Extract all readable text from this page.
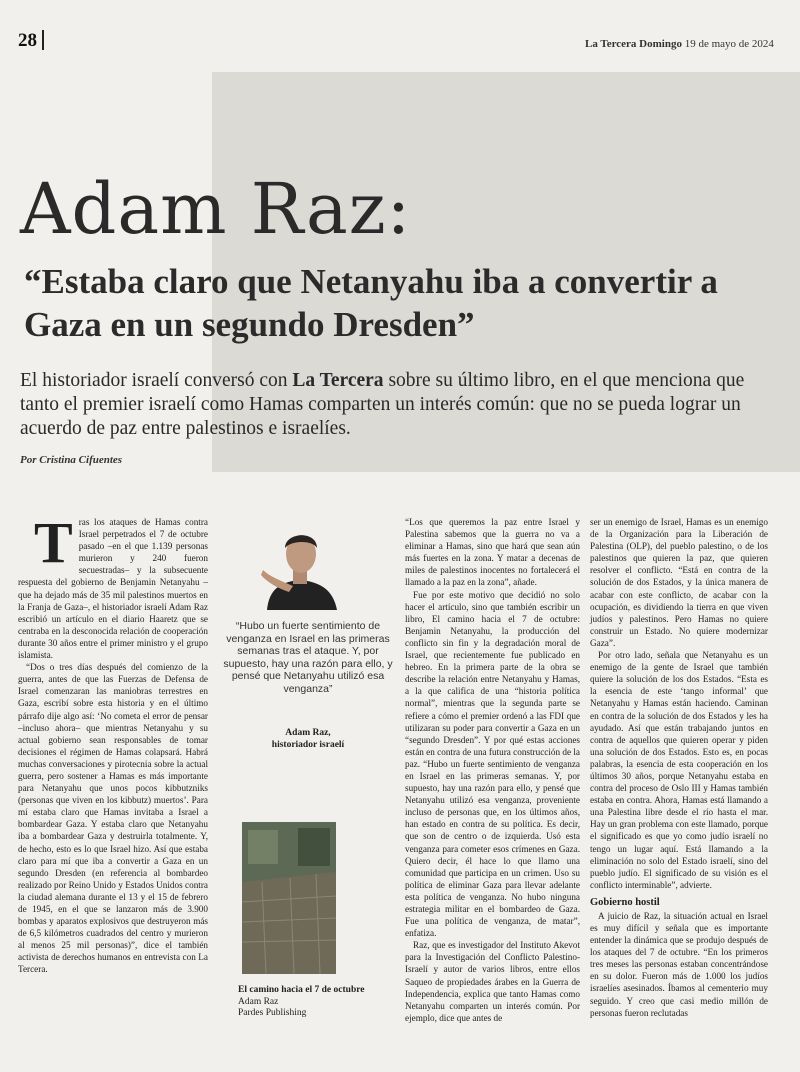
28	La Tercera Domingo 19 de mayo de 2024
Adam Raz:
“Estaba claro que Netanyahu iba a convertir a Gaza en un segundo Dresden”
El historiador israelí conversó con La Tercera sobre su último libro, en el que menciona que tanto el premier israelí como Hamas comparten un interés común: que no se pueda lograr un acuerdo de paz entre palestinos e israelíes.
Por Cristina Cifuentes
T ras los ataques de Hamas contra Israel perpetrados el 7 de octubre pasado –en el que 1.139 personas murieron y 240 fueron secuestradas– y la subsecuente respuesta del gobierno de Benjamin Netanyahu –que ha dejado más de 35 mil palestinos muertos en la Franja de Gaza–, el historiador israelí Adam Raz escribió un artículo en el diario Haaretz que se centraba en la desconocida relación de cooperación durante 30 años entre el primer ministro y el grupo islamista.

“Dos o tres días después del comienzo de la guerra, antes de que las Fuerzas de Defensa de Israel comenzaran las maniobras terrestres en Gaza, escribí sobre esta historia y en el último párrafo dije algo así: ‘No cometa el error de pensar –incluso ahora– que mientras Netanyahu y su actual gobierno sean responsables de tomar decisiones el régimen de Hamas colapsará. Habrá muchas conversaciones y pirotecnia sobre la actual guerra, pero sostener a Hamas es más importante para Netanyahu que unos pocos kibbutzniks (personas que viven en los kibbutz) muertos’. Para mí estaba claro que Hamas invitaba a Israel a bombardear Gaza. Y estaba claro que Netanyahu iba a bombardear Gaza y destruirla totalmente. Y, de hecho, esto es lo que Israel hizo. Así que estaba claro para mí que iba a convertir a Gaza en un segundo Dresden (en referencia al bombardeo realizado por Reino Unido y Estados Unidos contra la ciudad alemana durante el 13 y el 15 de febrero de 1945, en el que se lanzaron más de 3.900 bombas y aparatos explosivos que destruyeron más de 6,5 kilómetros cuadrados del centro y murieron al menos 25 mil personas)”, dice el también activista de derechos humanos en entrevista con La Tercera.

“Hubo un fuerte sentimiento de venganza en Israel en las primeras semanas tras el ataque. Y, por supuesto, hay una razón para ello, y pensé que Netanyahu utilizó esa venganza”
Adam Raz,
historiador israelí
El camino hacia el 7 de octubre
Adam Raz
Pardes Publishing

“Los que queremos la paz entre Israel y Palestina sabemos que la guerra no va a eliminar a Hamas, sino que hará que sean aún más fuertes en la zona. Y matar a decenas de miles de palestinos inocentes no fortalecerá el llamado a la paz en la zona”, añade.

Fue por este motivo que decidió no solo hacer el artículo, sino que también escribir un libro, El camino hacia el 7 de octubre: Benjamin Netanyahu, la producción del conflicto sin fin y la degradación moral de Israel, que recientemente fue publicado en hebreo. En la primera parte de la obra se describe la relación entre Netanyahu y Hamas, a la que califica de una “historia política normal”, mientras que la segunda parte se refiere a cómo el premier ordenó a las FDI que utilizaran su poder para convertir a Gaza en un “segundo Dresden”. Y por qué estas acciones están en contra de una futura construcción de la paz. “Hubo un fuerte sentimiento de venganza en Israel en las primeras semanas. Y, por supuesto, hay una razón para ello, y pensé que Netanyahu utilizó esa venganza, proveniente incluso de personas que, en los últimos años, han estado en contra de su política. Es decir, que son de centro o de izquierda. Usó esta venganza para cometer esos crímenes en Gaza. Quiero decir, él hace lo que llamo una comunidad que participa en un crimen. Uso su política de eliminar Gaza para llevar adelante esta política de venganza. No hubo ninguna estrategia militar en el bombardeo de Gaza. Fue una política de venganza, de matar”, enfatiza.

Raz, que es investigador del Instituto Akevot para la Investigación del Conflicto Palestino-Israelí y autor de varios libros, entre ellos Saqueo de propiedades árabes en la Guerra de Independencia, explica que tanto Hamas como Netanyahu comparten un interés común. Por ejemplo, dice que antes de

ser un enemigo de Israel, Hamas es un enemigo de la Organización para la Liberación de Palestina (OLP), del pueblo palestino, o de los palestinos que quieren la paz, que quieren resolver el conflicto. “Está en contra de la solución de dos Estados, y la única manera de acabar con este conflicto, de acabar con la ocupación, es dividiendo la tierra en que viven judíos y palestinos. Pero Hamas no quiere construir un Estado. No quiere modernizar Gaza”.

Por otro lado, señala que Netanyahu es un enemigo de la gente de Israel que también quiere la solución de los dos Estados. “Esta es la esencia de este ‘tango informal’ que Netanyahu y Hamas están haciendo. Caminan en contra de la solución de dos Estados y les ha ayudado. Así que están trabajando juntos en contra de aquellos que quieren operar y piden una solución de dos Estados. Esto es, en pocas palabras, la esencia de esta cooperación en los últimos 30 años, porque Netanyahu estaba en contra del proceso de Oslo III y Hamas también estaba en contra. Ahora, Hamas está llamando a una Palestina libre desde el río hasta el mar. Hay un gran problema con este llamado, porque el significado es que yo como judío israelí no tengo un lugar aquí. Está llamando a la eliminación no solo del Estado israelí, sino del pueblo judío. El significado de su visión es el conflicto interminable”, advierte.

Gobierno hostil

A juicio de Raz, la situación actual en Israel es muy difícil y señala que es importante entender la dinámica que se produjo después de los ataques del 7 de octubre. “En los primeros tres meses las personas estaban concentrándose en su dolor. Fueron más de 1.000 los judíos israelíes asesinados. Íbamos al cementerio muy seguido. Y creo que casi medio millón de personas fueron reclutadas
